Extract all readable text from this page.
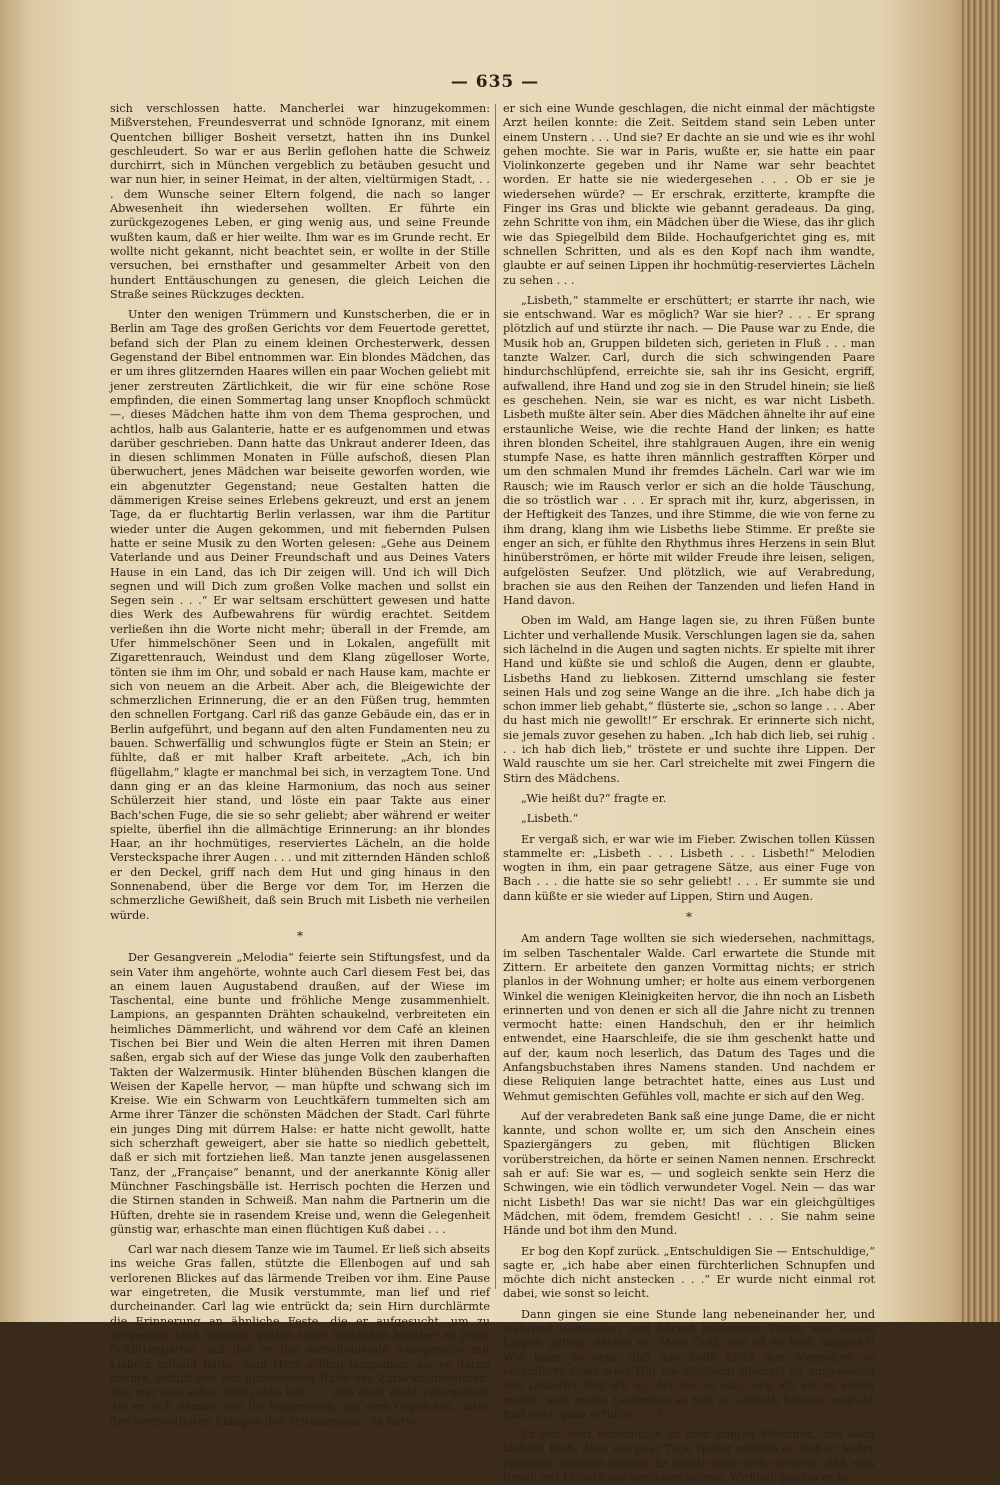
— 635 —

sich verschlossen hatte. Mancherlei war hinzugekommen: Mißverstehen, Freundesverrat und schnöde Ignoranz, mit einem Quentchen billiger Bosheit versetzt, hatten ihn ins Dunkel geschleudert. So war er aus Berlin geflohen hatte die Schweiz durchirrt, sich in München vergeblich zu betäuben gesucht und war nun hier, in seiner Heimat, in der alten, vieltürmigen Stadt, . . . dem Wunsche seiner Eltern folgend, die nach so langer Abwesenheit ihn wiedersehen wollten. Er führte ein zurückgezogenes Leben, er ging wenig aus, und seine Freunde wußten kaum, daß er hier weilte. Ihm war es im Grunde recht. Er wollte nicht gekannt, nicht beachtet sein, er wollte in der Stille versuchen, bei ernsthafter und gesammelter Arbeit von den hundert Enttäuschungen zu genesen, die gleich Leichen die Straße seines Rückzuges deckten.

Unter den wenigen Trümmern und Kunstscherben, die er in Berlin am Tage des großen Gerichts vor dem Feuertode gerettet, befand sich der Plan zu einem kleinen Orchesterwerk, dessen Gegenstand der Bibel entnommen war. Ein blondes Mädchen, das er um ihres glitzernden Haares willen ein paar Wochen geliebt mit jener zerstreuten Zärtlichkeit, die wir für eine schöne Rose empfinden, die einen Sommertag lang unser Knopfloch schmückt —, dieses Mädchen hatte ihm von dem Thema gesprochen, und achtlos, halb aus Galanterie, hatte er es aufgenommen und etwas darüber geschrieben. Dann hatte das Unkraut anderer Ideen, das in diesen schlimmen Monaten in Fülle aufschoß, diesen Plan überwuchert, jenes Mädchen war beiseite geworfen worden, wie ein abgenutzter Gegenstand; neue Gestalten hatten die dämmerigen Kreise seines Erlebens gekreuzt, und erst an jenem Tage, da er fluchtartig Berlin verlassen, war ihm die Partitur wieder unter die Augen gekommen, und mit fiebernden Pulsen hatte er seine Musik zu den Worten gelesen: „Gehe aus Deinem Vaterlande und aus Deiner Freundschaft und aus Deines Vaters Hause in ein Land, das ich Dir zeigen will. Und ich will Dich segnen und will Dich zum großen Volke machen und sollst ein Segen sein . . .“ Er war seltsam erschüttert gewesen und hatte dies Werk des Aufbewahrens für würdig erachtet. Seitdem verließen ihn die Worte nicht mehr; überall in der Fremde, am Ufer himmelschöner Seen und in Lokalen, angefüllt mit Zigarettenrauch, Weindust und dem Klang zügelloser Worte, tönten sie ihm im Ohr, und sobald er nach Hause kam, machte er sich von neuem an die Arbeit. Aber ach, die Bleigewichte der schmerzlichen Erinnerung, die er an den Füßen trug, hemmten den schnellen Fortgang. Carl riß das ganze Gebäude ein, das er in Berlin aufgeführt, und begann auf den alten Fundamenten neu zu bauen. Schwerfällig und schwunglos fügte er Stein an Stein; er fühlte, daß er mit halber Kraft arbeitete. „Ach, ich bin flügellahm,“ klagte er manchmal bei sich, in verzagtem Tone. Und dann ging er an das kleine Harmonium, das noch aus seiner Schülerzeit hier stand, und löste ein paar Takte aus einer Bach'schen Fuge, die sie so sehr geliebt; aber während er weiter spielte, überfiel ihn die allmächtige Erinnerung: an ihr blondes Haar, an ihr hochmütiges, reserviertes Lächeln, an die holde Versteckspache ihrer Augen . . . und mit zitternden Händen schloß er den Deckel, griff nach dem Hut und ging hinaus in den Sonnenabend, über die Berge vor dem Tor, im Herzen die schmerzliche Gewißheit, daß sein Bruch mit Lisbeth nie verheilen würde.

*

Der Gesangverein „Melodia“ feierte sein Stiftungsfest, und da sein Vater ihm angehörte, wohnte auch Carl diesem Fest bei, das an einem lauen Augustabend draußen, auf der Wiese im Taschental, eine bunte und fröhliche Menge zusammenhielt. Lampions, an gespannten Drähten schaukelnd, verbreiteten ein heimliches Dämmerlicht, und während vor dem Café an kleinen Tischen bei Bier und Wein die alten Herren mit ihren Damen saßen, ergab sich auf der Wiese das junge Volk den zauberhaften Takten der Walzermusik. Hinter blühenden Büschen klangen die Weisen der Kapelle hervor, — man hüpfte und schwang sich im Kreise. Wie ein Schwarm von Leuchtkäfern tummelten sich am Arme ihrer Tänzer die schönsten Mädchen der Stadt. Carl führte ein junges Ding mit dürrem Halse: er hatte nicht gewollt, hatte sich scherzhaft geweigert, aber sie hatte so niedlich gebettelt, daß er sich mit fortziehen ließ. Man tanzte jenen ausgelassenen Tanz, der „Française“ benannt, und der anerkannte König aller Münchner Faschingsbälle ist. Herrisch pochten die Herzen und die Stirnen standen in Schweiß. Man nahm die Partnerin um die Hüften, drehte sie in rasendem Kreise und, wenn die Gelegenheit günstig war, erhaschte man einen flüchtigen Kuß dabei . . .

Carl war nach diesem Tanze wie im Taumel. Er ließ sich abseits ins weiche Gras fallen, stützte die Ellenbogen auf und sah verlorenen Blickes auf das lärmende Treiben vor ihm. Eine Pause war eingetreten, die Musik verstummte, man lief und rief durcheinander. Carl lag wie entrückt da; sein Hirn durchlärmte die Erinnerung an ähnliche Feste, die er aufgesucht, um zu vergessen. Und langsam glitten seine Gedanken hinüber zu jener Schlittenpartie, auf der er die entscheidende Aussprache mit Lisbeth gehabt hatte. Sein Herz schlug langsamer, als er daran dachte, erfüllt von der gemessenen Ruhe des Zurückschauenden. Das war nun schon fünf Jahre her . . . und doch nicht verwunden! Als er sich damals von ihr losgerissen, auf dem Orgelchor, unter den verzweifelten Klängen der Tristanmusik, da hatte

er sich eine Wunde geschlagen, die nicht einmal der mächtigste Arzt heilen konnte: die Zeit. Seitdem stand sein Leben unter einem Unstern . . . Und sie? Er dachte an sie und wie es ihr wohl gehen mochte. Sie war in Paris, wußte er, sie hatte ein paar Violinkonzerte gegeben und ihr Name war sehr beachtet worden. Er hatte sie nie wiedergesehen . . . Ob er sie je wiedersehen würde? — Er erschrak, erzitterte, krampfte die Finger ins Gras und blickte wie gebannt geradeaus. Da ging, zehn Schritte von ihm, ein Mädchen über die Wiese, das ihr glich wie das Spiegelbild dem Bilde. Hochaufgerichtet ging es, mit schnellen Schritten, und als es den Kopf nach ihm wandte, glaubte er auf seinen Lippen ihr hochmütig-reserviertes Lächeln zu sehen . . .

„Lisbeth,“ stammelte er erschüttert; er starrte ihr nach, wie sie entschwand. War es möglich? War sie hier? . . . Er sprang plötzlich auf und stürzte ihr nach. — Die Pause war zu Ende, die Musik hob an, Gruppen bildeten sich, gerieten in Fluß . . . man tanzte Walzer. Carl, durch die sich schwingenden Paare hindurchschlüpfend, erreichte sie, sah ihr ins Gesicht, ergriff, aufwallend, ihre Hand und zog sie in den Strudel hinein; sie ließ es geschehen. Nein, sie war es nicht, es war nicht Lisbeth. Lisbeth mußte älter sein. Aber dies Mädchen ähnelte ihr auf eine erstaunliche Weise, wie die rechte Hand der linken; es hatte ihren blonden Scheitel, ihre stahlgrauen Augen, ihre ein wenig stumpfe Nase, es hatte ihren männlich gestrafften Körper und um den schmalen Mund ihr fremdes Lächeln. Carl war wie im Rausch; wie im Rausch verlor er sich an die holde Täuschung, die so tröstlich war . . . Er sprach mit ihr, kurz, abgerissen, in der Heftigkeit des Tanzes, und ihre Stimme, die wie von ferne zu ihm drang, klang ihm wie Lisbeths liebe Stimme. Er preßte sie enger an sich, er fühlte den Rhythmus ihres Herzens in sein Blut hinüberströmen, er hörte mit wilder Freude ihre leisen, seligen, aufgelösten Seufzer. Und plötzlich, wie auf Verabredung, brachen sie aus den Reihen der Tanzenden und liefen Hand in Hand davon.

Oben im Wald, am Hange lagen sie, zu ihren Füßen bunte Lichter und verhallende Musik. Verschlungen lagen sie da, sahen sich lächelnd in die Augen und sagten nichts. Er spielte mit ihrer Hand und küßte sie und schloß die Augen, denn er glaubte, Lisbeths Hand zu liebkosen. Zitternd umschlang sie fester seinen Hals und zog seine Wange an die ihre. „Ich habe dich ja schon immer lieb gehabt,“ flüsterte sie, „schon so lange . . . Aber du hast mich nie gewollt!“ Er erschrak. Er erinnerte sich nicht, sie jemals zuvor gesehen zu haben. „Ich hab dich lieb, sei ruhig . . . ich hab dich lieb,“ tröstete er und suchte ihre Lippen. Der Wald rauschte um sie her. Carl streichelte mit zwei Fingern die Stirn des Mädchens.

„Wie heißt du?“ fragte er.

„Lisbeth.“

Er vergaß sich, er war wie im Fieber. Zwischen tollen Küssen stammelte er: „Lisbeth . . . Lisbeth . . . Lisbeth!“ Melodien wogten in ihm, ein paar getragene Sätze, aus einer Fuge von Bach . . . die hatte sie so sehr geliebt! . . . Er summte sie und dann küßte er sie wieder auf Lippen, Stirn und Augen.

*

Am andern Tage wollten sie sich wiedersehen, nachmittags, im selben Taschentaler Walde. Carl erwartete die Stunde mit Zittern. Er arbeitete den ganzen Vormittag nichts; er strich planlos in der Wohnung umher; er holte aus einem verborgenen Winkel die wenigen Kleinigkeiten hervor, die ihn noch an Lisbeth erinnerten und von denen er sich all die Jahre nicht zu trennen vermocht hatte: einen Handschuh, den er ihr heimlich entwendet, eine Haarschleife, die sie ihm geschenkt hatte und auf der, kaum noch leserlich, das Datum des Tages und die Anfangsbuchstaben ihres Namens standen. Und nachdem er diese Reliquien lange betrachtet hatte, eines aus Lust und Wehmut gemischten Gefühles voll, machte er sich auf den Weg.

Auf der verabredeten Bank saß eine junge Dame, die er nicht kannte, und schon wollte er, um sich den Anschein eines Spaziergängers zu geben, mit flüchtigen Blicken vorüberstreichen, da hörte er seinen Namen nennen. Erschreckt sah er auf: Sie war es, — und sogleich senkte sein Herz die Schwingen, wie ein tödlich verwundeter Vogel. Nein — das war nicht Lisbeth! Das war sie nicht! Das war ein gleichgültiges Mädchen, mit ödem, fremdem Gesicht! . . . Sie nahm seine Hände und bot ihm den Mund.

Er bog den Kopf zurück. „Entschuldigen Sie — Entschuldige,“ sagte er, „ich habe aber einen fürchterlichen Schnupfen und möchte dich nicht anstecken . . .“ Er wurde nicht einmal rot dabei, wie sonst so leicht.

Dann gingen sie eine Stunde lang nebeneinander her, und während unbeteiligt und höchst belanglose Worte von seinen Lippen glitten, dachte er: Mein Gott, wie ist es bloß möglich?! Wie kann es sein, daß das helle Licht den Menschen so verändert? Oder wie? Hat sie vielleicht niemals so ausgesehen wie Lisbeth? War ich es, der sie so sah, weil ich sie so sehen wollte, weil meine Gedanken so fest an Lisbeth hingen, weil ihr Bild mich ganz erfüllte . . . ?

Er war sehr verbindlich zu dem jungen Mädchen, das auch Lisbeth hieß. Aber ein paar Tage später schrieb er, daß er leider plötzlich abreisen müsse. Er wußte nun noch sicherer, daß sein Bruch mit Lisbeth nie verheilen würde. Wirklich packte er in
